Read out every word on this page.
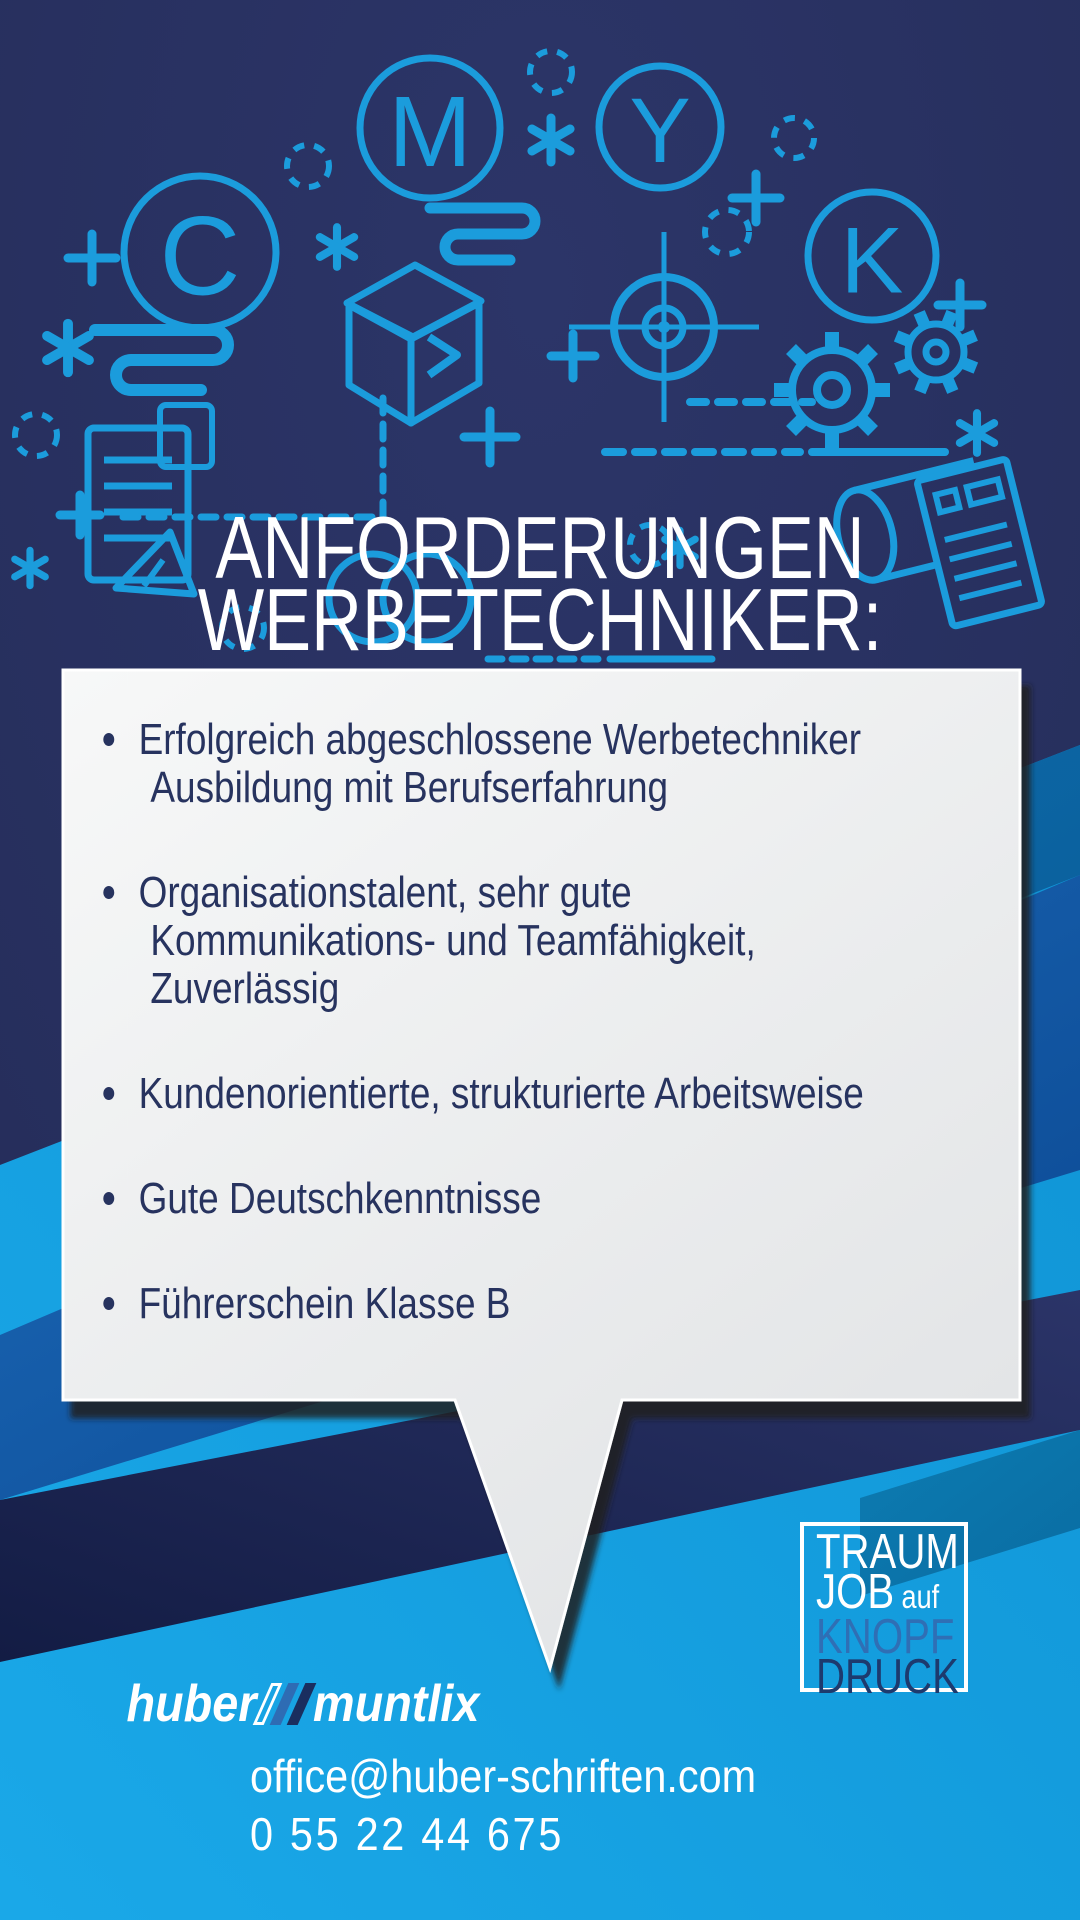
C
M Y
K
ANFORDERUNGEN
WERBETECHNIKER:
Erfolgreich abgeschlossene Werbetechniker
Ausbildung mit Berufserfahrung
Organisationstalent, sehr gute
Kommunikations- und Teamfähigkeit,
Zuverlässig
Kundenorientierte, strukturierte Arbeitsweise
Gute Deutschkenntnisse
Führerschein Klasse B
TRAUM
JOB auf
KNOPF
DRUCK
huber muntlix
office@huber-schriften.com
0 55 22 44 675
